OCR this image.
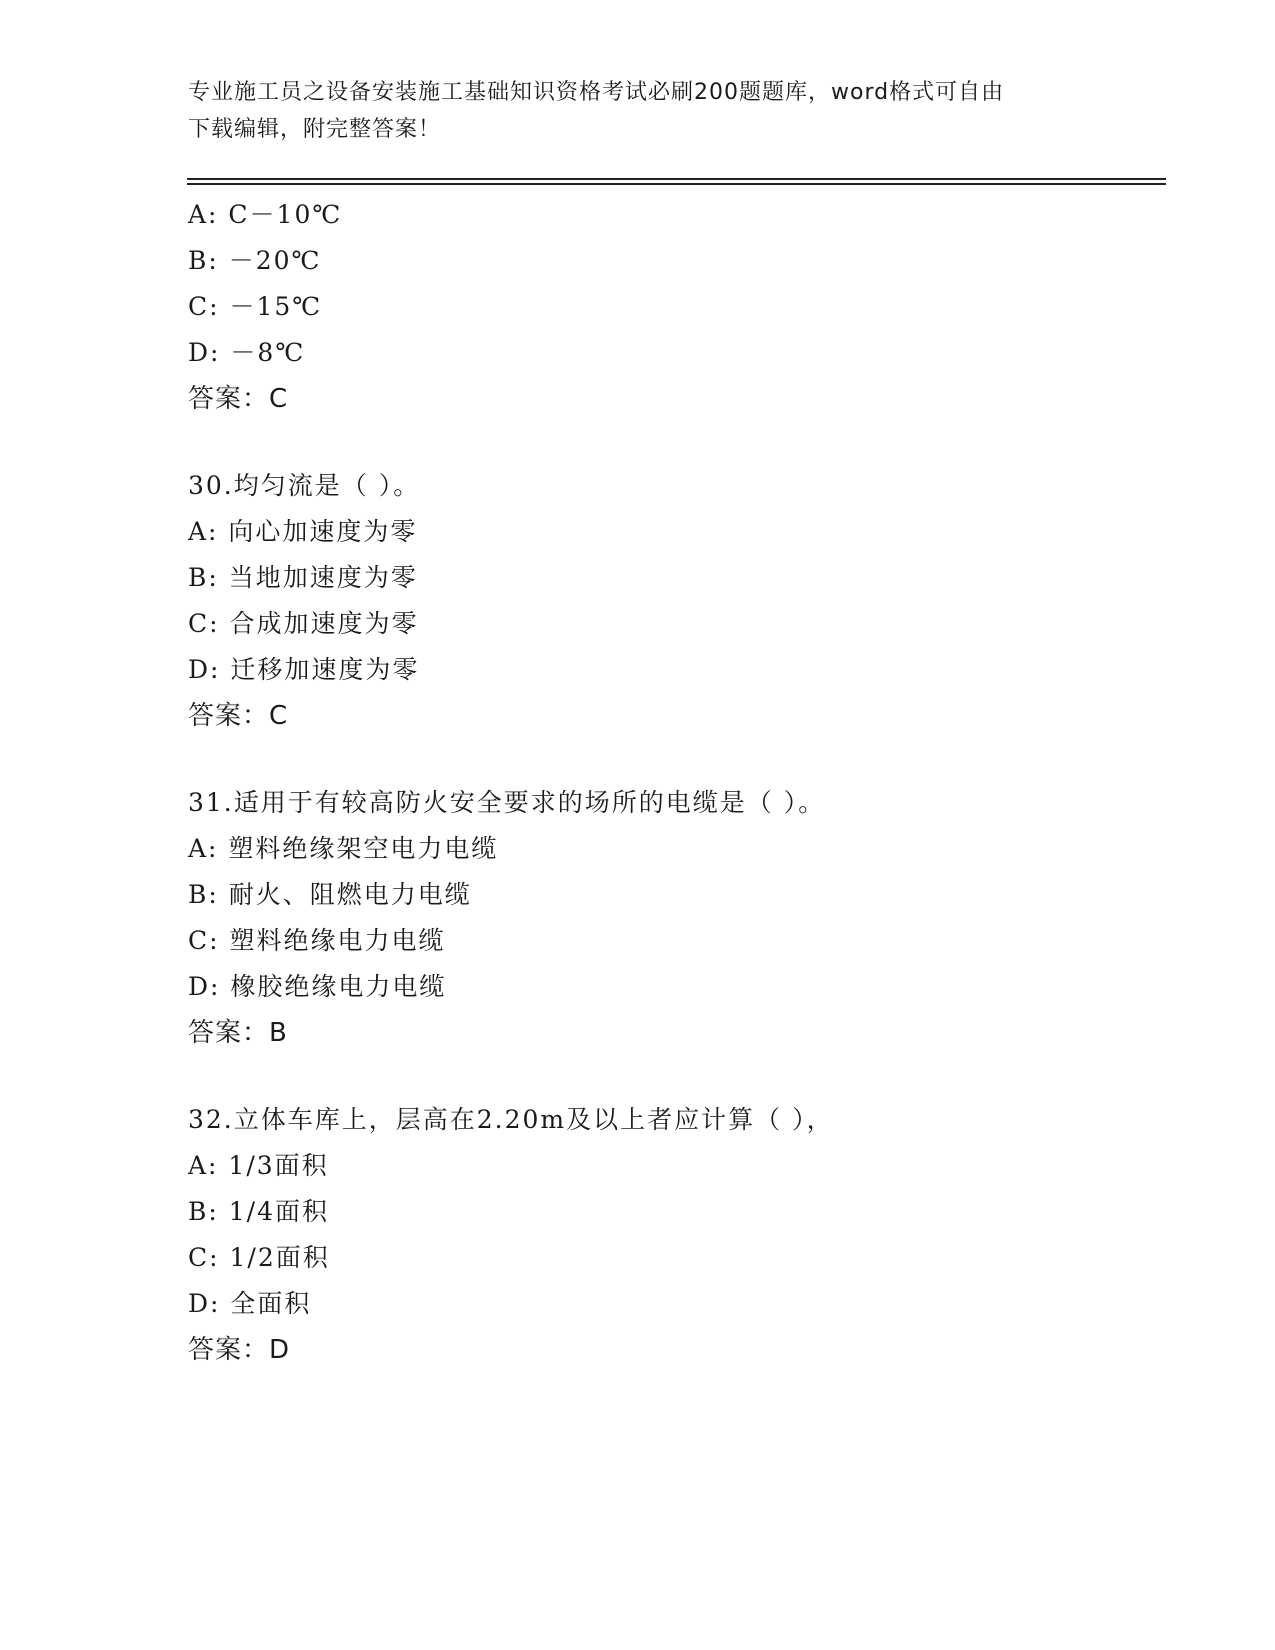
专业施工员之设备安装施工基础知识资格考试必刷200题题库，word格式可自由
下载编辑，附完整答案！
A: C－10℃
B: －20℃
C: －15℃
D: －8℃
答案：C
30.均匀流是（ ）。
A: 向心加速度为零
B: 当地加速度为零
C: 合成加速度为零
D: 迁移加速度为零
答案：C
31.适用于有较高防火安全要求的场所的电缆是（ ）。
A: 塑料绝缘架空电力电缆
B: 耐火、阻燃电力电缆
C: 塑料绝缘电力电缆
D: 橡胶绝缘电力电缆
答案：B
32.立体车库上，层高在2.20m及以上者应计算（ ），
A: 1/3面积
B: 1/4面积
C: 1/2面积
D: 全面积
答案：D
